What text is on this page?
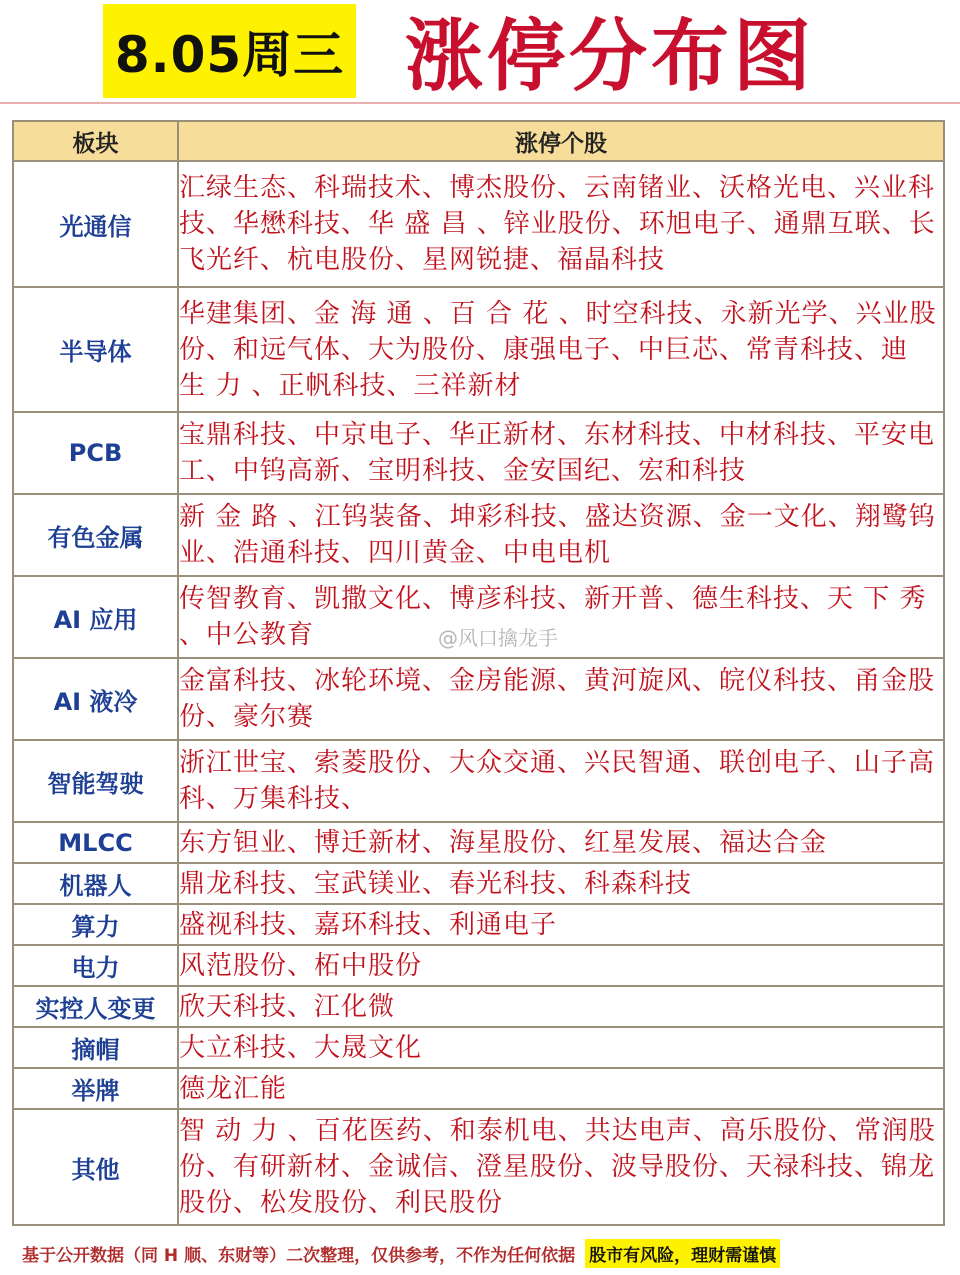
8.05周三 涨停分布图
板块	涨停个股
光通信	汇绿生态、科瑞技术、博杰股份、云南锗业、沃格光电、兴业科技、华懋科技、华 盛 昌 、锌业股份、环旭电子、通鼎互联、长飞光纤、杭电股份、星网锐捷、福晶科技
半导体	华建集团、金 海 通 、百 合 花 、时空科技、永新光学、兴业股份、和远气体、大为股份、康强电子、中巨芯、常青科技、迪 生 力 、正帆科技、三祥新材
PCB	宝鼎科技、中京电子、华正新材、东材科技、中材科技、平安电工、中钨高新、宝明科技、金安国纪、宏和科技
有色金属	新 金 路 、江钨装备、坤彩科技、盛达资源、金一文化、翔鹭钨业、浩通科技、四川黄金、中电电机
AI 应用	传智教育、凯撒文化、博彦科技、新开普、德生科技、天 下 秀 、中公教育
AI 液冷	金富科技、冰轮环境、金房能源、黄河旋风、皖仪科技、甬金股份、豪尔赛
智能驾驶	浙江世宝、索菱股份、大众交通、兴民智通、联创电子、山子高科、万集科技、
MLCC	东方钽业、博迁新材、海星股份、红星发展、福达合金
机器人	鼎龙科技、宝武镁业、春光科技、科森科技
算力	盛视科技、嘉环科技、利通电子
电力	风范股份、柘中股份
实控人变更	欣天科技、江化微
摘帽	大立科技、大晟文化
举牌	德龙汇能
其他	智 动 力 、百花医药、和泰机电、共达电声、高乐股份、常润股份、有研新材、金诚信、澄星股份、波导股份、天禄科技、锦龙股份、松发股份、利民股份
@风口擒龙手
基于公开数据（同 H 顺、东财等）二次整理，仅供参考，不作为任何依据 股市有风险，理财需谨慎
